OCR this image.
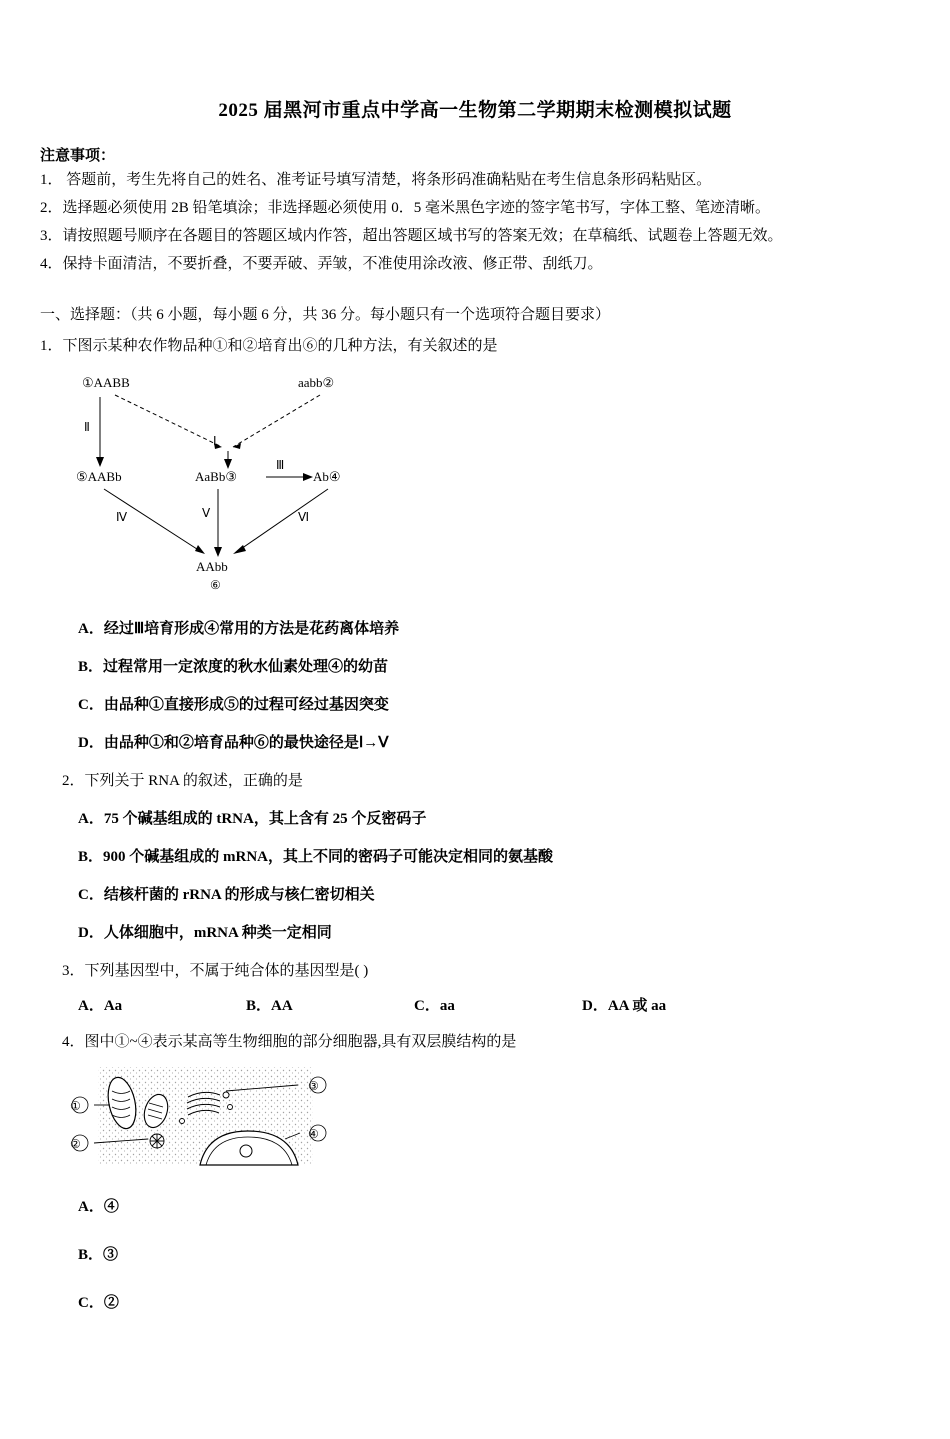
2025 届黑河市重点中学高一生物第二学期期末检测模拟试题
注意事项：
1． 答题前，考生先将自己的姓名、准考证号填写清楚，将条形码准确粘贴在考生信息条形码粘贴区。
2．选择题必须使用 2B 铅笔填涂；非选择题必须使用 0．5 毫米黑色字迹的签字笔书写，字体工整、笔迹清晰。
3．请按照题号顺序在各题目的答题区域内作答，超出答题区域书写的答案无效；在草稿纸、试题卷上答题无效。
4．保持卡面清洁，不要折叠，不要弄破、弄皱，不准使用涂改液、修正带、刮纸刀。
一、选择题：（共 6 小题，每小题 6 分，共 36 分。每小题只有一个选项符合题目要求）
1．下图示某种农作物品种①和②培育出⑥的几种方法，有关叙述的是
①AABB	aabb②
Ⅱ
Ⅰ
⑤AABb	AaBb③	Ab④
Ⅲ
Ⅳ	Ⅴ	Ⅵ
AAbb
⑥
A．经过Ⅲ培育形成④常用的方法是花药离体培养
B．过程常用一定浓度的秋水仙素处理④的幼苗
C．由品种①直接形成⑤的过程可经过基因突变
D．由品种①和②培育品种⑥的最快途径是Ⅰ→Ⅴ
2．下列关于 RNA 的叙述，正确的是
A．75 个碱基组成的 tRNA，其上含有 25 个反密码子
B．900 个碱基组成的 mRNA，其上不同的密码子可能决定相同的氨基酸
C．结核杆菌的 rRNA 的形成与核仁密切相关
D．人体细胞中，mRNA 种类一定相同
3．下列基因型中，不属于纯合体的基因型是( )
A．Aa	B．AA	C．aa	D．AA 或 aa
4．图中①~④表示某高等生物细胞的部分细胞器,具有双层膜结构的是
①
②
③
④
A．④
B．③
C．②
